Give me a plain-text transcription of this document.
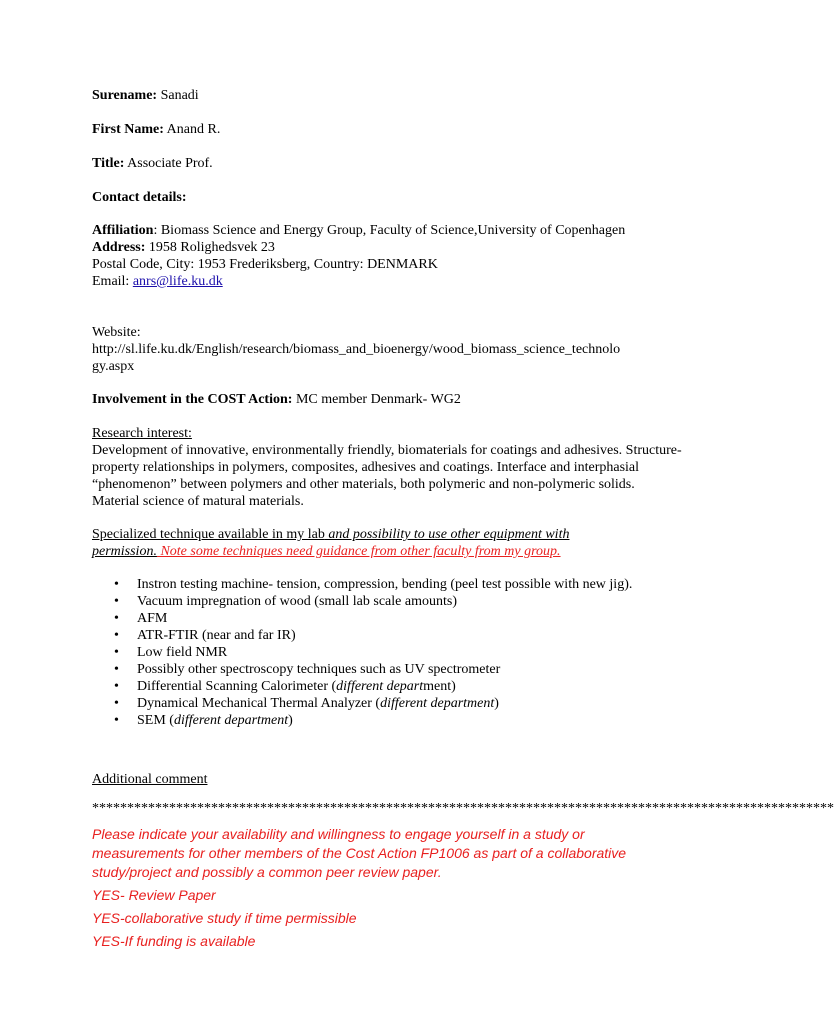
Surename: Sanadi
First Name: Anand R.
Title: Associate Prof.
Contact details:
Affiliation: Biomass Science and Energy Group, Faculty of Science,University of Copenhagen
Address: 1958 Rolighedsvek 23
Postal Code, City: 1953 Frederiksberg, Country: DENMARK
Email: anrs@life.ku.dk
Website:
http://sl.life.ku.dk/English/research/biomass_and_bioenergy/wood_biomass_science_technolo
gy.aspx
Involvement in the COST Action: MC member Denmark- WG2
Research interest:
Development of innovative, environmentally friendly, biomaterials for coatings and adhesives. Structure-property relationships in polymers, composites, adhesives and coatings. Interface and interphasial “phenomenon” between polymers and other materials, both polymeric and non-polymeric solids. Material science of matural materials.
Specialized technique available in my lab and possibility to use other equipment with permission. Note some techniques need guidance from other faculty from my group.
• Instron testing machine- tension, compression, bending (peel test possible with new jig).
• Vacuum impregnation of wood (small lab scale amounts)
• AFM
• ATR-FTIR (near and far IR)
• Low field NMR
• Possibly other spectroscopy techniques such as UV spectrometer
• Differential Scanning Calorimeter (different department)
• Dynamical Mechanical Thermal Analyzer (different department)
• SEM (different department)
Additional comment
**********************************************************************************************************
Please indicate your availability and willingness to engage yourself in a study or measurements for other members of the Cost Action FP1006 as part of a collaborative study/project and possibly a common peer review paper.
YES- Review Paper
YES-collaborative study if time permissible
YES-If funding is available
